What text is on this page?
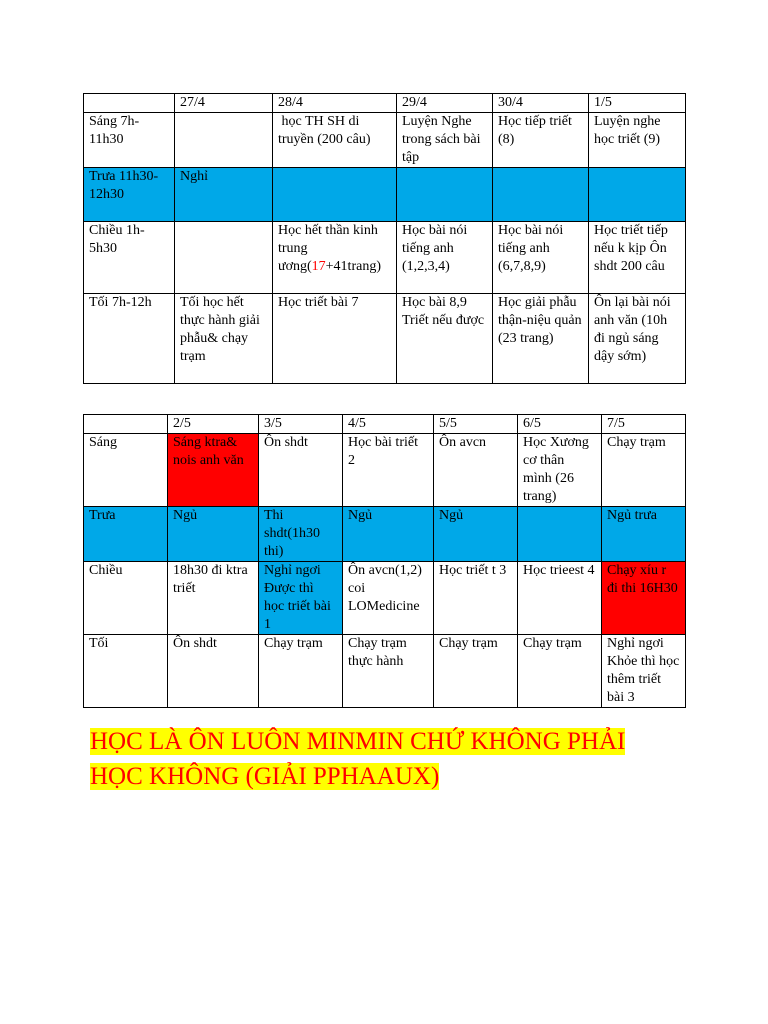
	27/4	28/4	29/4	30/4	1/5
Sáng 7h-11h30		học TH SH di truyền (200 câu)	Luyện Nghe trong sách bài tập	Học tiếp triết (8)	Luyện nghe học triết (9)
Trưa 11h30- 12h30	Nghỉ				
Chiều 1h-5h30		Học hết thần kinh trung ương(17+41trang)	Học bài nói tiếng anh (1,2,3,4)	Học bài nói tiếng anh (6,7,8,9)	Học triết tiếp nếu k kịp Ôn shdt 200 câu
Tối 7h-12h	Tối học hết thực hành giải phẫu& chạy trạm	Học triết bài 7	Học bài 8,9 Triết nếu được	Học giải phẫu thận-niệu quản (23 trang)	Ôn lại bài nói anh văn (10h đi ngủ sáng dậy sớm)
	2/5	3/5	4/5	5/5	6/5	7/5
Sáng	Sáng ktra& nois anh văn	Ôn shdt	Học bài triết 2	Ôn avcn	Học Xương cơ thân mình (26 trang)	Chạy trạm
Trưa	Ngủ	Thi shdt(1h30 thi)	Ngủ	Ngủ		Ngủ trưa
Chiều	18h30 đi ktra triết	Nghỉ ngơi Được thì học triết bài 1	Ôn avcn(1,2) coi LOMedicine	Học triết t 3	Học trieest 4	Chạy xíu r đi thi 16H30
Tối	Ôn shdt	Chạy trạm	Chạy trạm thực hành	Chạy trạm	Chạy trạm	Nghỉ ngơi Khỏe thì học thêm triết bài 3
HỌC LÀ ÔN LUÔN MINMIN CHỨ KHÔNG PHẢI
HỌC KHÔNG (GIẢI PPHAAUX)
